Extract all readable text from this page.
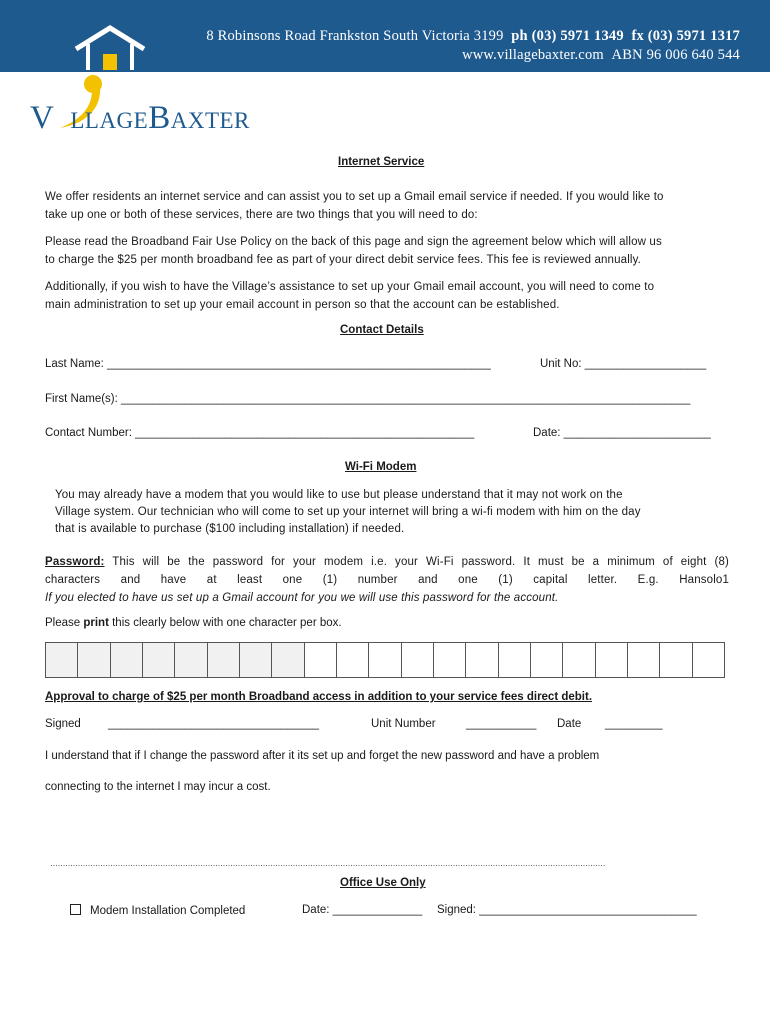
8 Robinsons Road Frankston South Victoria 3199 ph (03) 5971 1349 fx (03) 5971 1317
www.villagebaxter.com ABN 96 006 640 544
V LLAGEBAXTER
Internet Service

We offer residents an internet service and can assist you to set up a Gmail email service if needed. If you would like to

take up one or both of these services, there are two things that you will need to do:

Please read the Broadband Fair Use Policy on the back of this page and sign the agreement below which will allow us

to charge the $25 per month broadband fee as part of your direct debit service fees. This fee is reviewed annually.

Additionally, if you wish to have the Village’s assistance to set up your Gmail email account, you will need to come to

main administration to set up your email account in person so that the account can be established.

Contact Details
Last Name: ____________________________________________________________	Unit No: ___________________
First Name(s): _________________________________________________________________________________________
Contact Number: _____________________________________________________	Date: _______________________
Wi-Fi Modem

You may already have a modem that you would like to use but please understand that it may not work on the

Village system. Our technician who will come to set up your internet will bring a wi-fi modem with him on the day

that is available to purchase ($100 including installation) if needed.

Password: This will be the password for your modem i.e. your Wi-Fi password. It must be a minimum of eight (8)

characters and have at least one (1) number and one (1) capital letter. E.g. Hansolo1

If you elected to have us set up a Gmail account for you we will use this password for the account.

Please print this clearly below with one character per box.
Approval to charge of $25 per month Broadband access in addition to your service fees direct debit.
Signed _________________________________	Unit Number	___________ Date _________
I understand that if I change the password after it its set up and forget the new password and have a problem
connecting to the internet I may incur a cost.
……………………………………………………………………………………………………………………………………………………………………………………………………
Office Use Only
Modem Installation Completed	Date: ______________ Signed: __________________________________
